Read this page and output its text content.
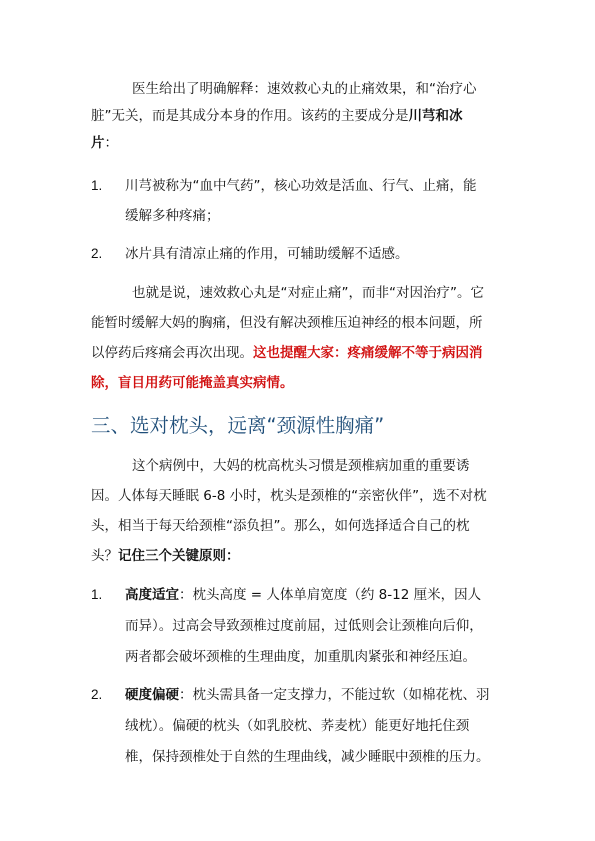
医生给出了明确解释：速效救心丸的止痛效果，和“治疗心
脏”无关，而是其成分本身的作用。该药的主要成分是川芎和冰
片：
1. 川芎被称为“血中气药”，核心功效是活血、行气、止痛，能
缓解多种疼痛；
2. 冰片具有清凉止痛的作用，可辅助缓解不适感。
也就是说，速效救心丸是“对症止痛”，而非“对因治疗”。它
能暂时缓解大妈的胸痛，但没有解决颈椎压迫神经的根本问题，所
以停药后疼痛会再次出现。这也提醒大家：疼痛缓解不等于病因消
除，盲目用药可能掩盖真实病情。
三、选对枕头，远离“颈源性胸痛”
这个病例中，大妈的枕高枕头习惯是颈椎病加重的重要诱
因。人体每天睡眠 6-8 小时，枕头是颈椎的“亲密伙伴”，选不对枕
头，相当于每天给颈椎“添负担”。那么，如何选择适合自己的枕
头？记住三个关键原则：
1. 高度适宜：枕头高度 = 人体单肩宽度（约 8-12 厘米，因人
而异）。过高会导致颈椎过度前屈，过低则会让颈椎向后仰，
两者都会破坏颈椎的生理曲度，加重肌肉紧张和神经压迫。
2. 硬度偏硬：枕头需具备一定支撑力，不能过软（如棉花枕、羽
绒枕）。偏硬的枕头（如乳胶枕、荞麦枕）能更好地托住颈
椎，保持颈椎处于自然的生理曲线，减少睡眠中颈椎的压力。
